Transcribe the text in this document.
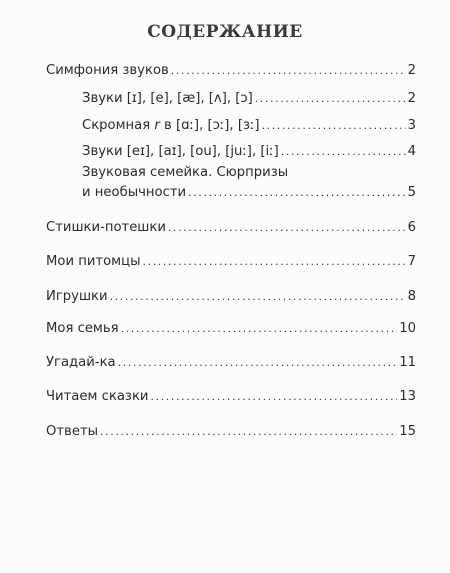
СОДЕРЖАНИЕ
Симфония звуков .....	2
Звуки [ɪ], [e], [æ], [ʌ], [ɔ] .....	2
Скромная r в [ɑː], [ɔː], [ɜː] .....	3
Звуки [eɪ], [aɪ], [ou], [juː], [iː] .....	4
Звуковая семейка. Сюрпризы
и необычности .....	5
Стишки-потешки .....	6
Мои питомцы .....	7
Игрушки .....	8
Моя семья .....	10
Угадай-ка .....	11
Читаем сказки .....	13
Ответы .....	15
